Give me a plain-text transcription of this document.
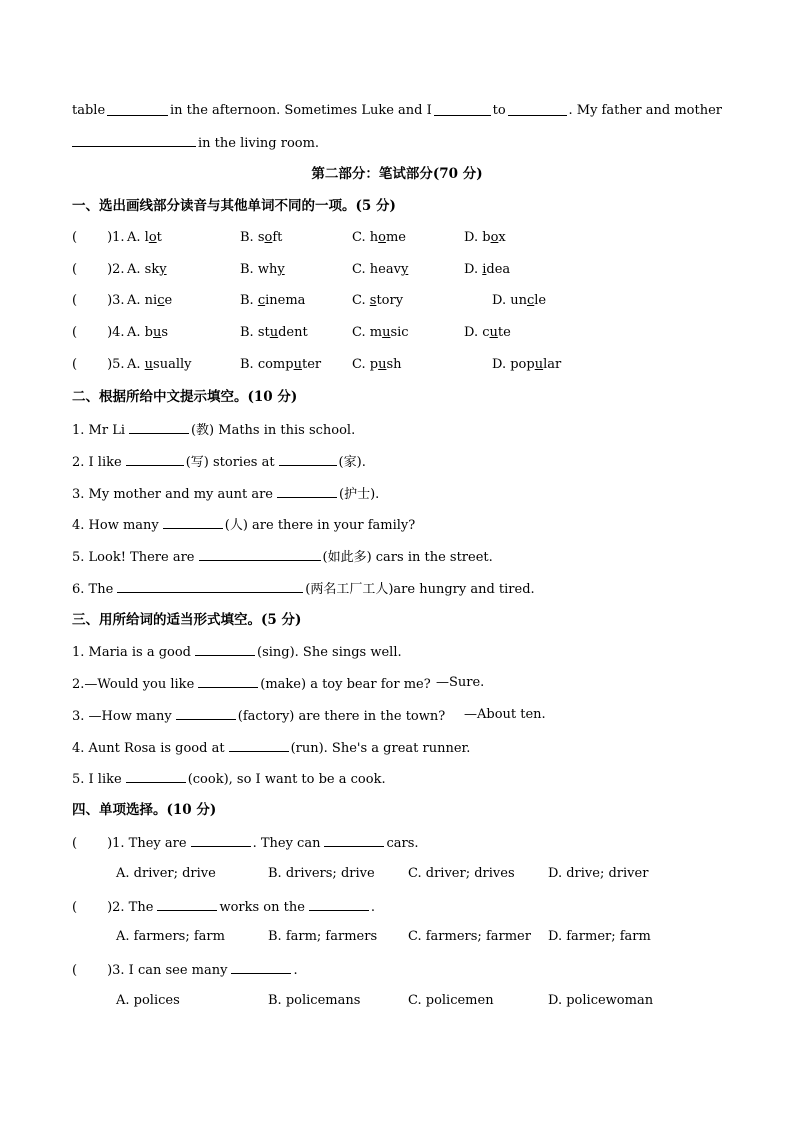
table	in the afternoon. Sometimes Luke and I	to	. My father and mother
in the living room.
第二部分：笔试部分(70 分)
一、选出画线部分读音与其他单词不同的一项。(5 分)
( )1. A. lot	B. soft	C. home	D. box
( )2. A. sky	B. why	C. heavy	D. idea
( )3. A. nice	B. cinema	C. story	D. uncle
( )4. A. bus	B. student	C. music	D. cute
( )5. A. usually	B. computer C. push	D. popular
二、根据所给中文提示填空。(10 分)
1. Mr Li	(教) Maths in this school.
2. I like	(写) stories at	(家).
3. My mother and my aunt are	(护士).
4. How many	(人) are there in your family?
5. Look! There are	(如此多) cars in the street.
6. The	(两名工厂工人)are hungry and tired.
三、用所给词的适当形式填空。(5 分)
1. Maria is a good	(sing). She sings well.
2.—Would you like	(make) a toy bear for me? —Sure.
3. —How many	(factory) are there in the town? —About ten.
4. Aunt Rosa is good at	(run). She's a great runner.
5. I like	(cook), so I want to be a cook.
四、单项选择。(10 分)
( )1. They are	. They can	cars.
A. driver; drive	B. drivers; drive	C. driver; drives	D. drive; driver
( )2. The	works on the	.
A. farmers; farm	B. farm; farmers C. farmers; farmer D. farmer; farm
( )3. I can see many	.
A. polices	B. policemans	C. policemen	D. policewoman
